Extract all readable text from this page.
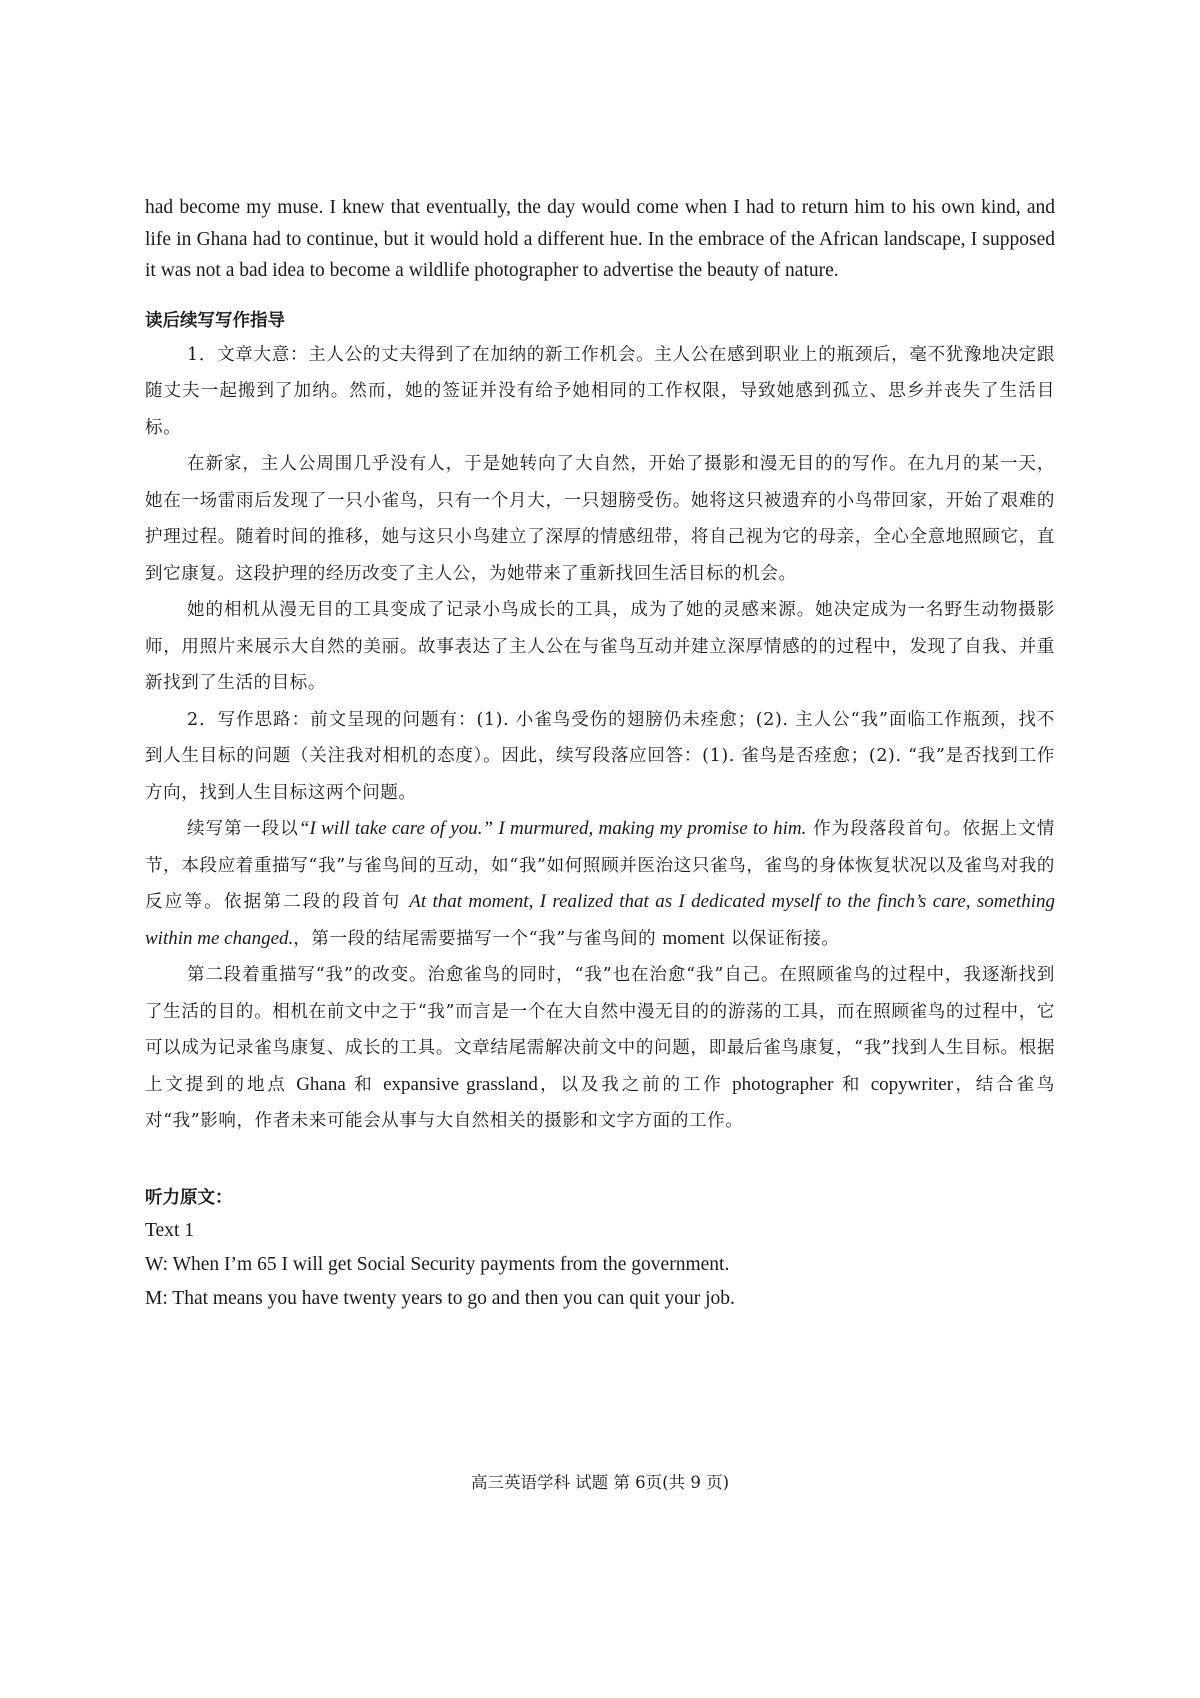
had become my muse. I knew that eventually, the day would come when I had to return him to his own kind, and life in Ghana had to continue, but it would hold a different hue. In the embrace of the African landscape, I supposed it was not a bad idea to become a wildlife photographer to advertise the beauty of nature.

读后续写写作指导

1．文章大意：主人公的丈夫得到了在加纳的新工作机会。主人公在感到职业上的瓶颈后，毫不犹豫地决定跟随丈夫一起搬到了加纳。然而，她的签证并没有给予她相同的工作权限，导致她感到孤立、思乡并丧失了生活目标。

在新家，主人公周围几乎没有人，于是她转向了大自然，开始了摄影和漫无目的的写作。在九月的某一天，她在一场雷雨后发现了一只小雀鸟，只有一个月大，一只翅膀受伤。她将这只被遗弃的小鸟带回家，开始了艰难的护理过程。随着时间的推移，她与这只小鸟建立了深厚的情感纽带，将自己视为它的母亲，全心全意地照顾它，直到它康复。这段护理的经历改变了主人公，为她带来了重新找回生活目标的机会。

她的相机从漫无目的工具变成了记录小鸟成长的工具，成为了她的灵感来源。她决定成为一名野生动物摄影师，用照片来展示大自然的美丽。故事表达了主人公在与雀鸟互动并建立深厚情感的的过程中，发现了自我、并重新找到了生活的目标。

2．写作思路：前文呈现的问题有：(1). 小雀鸟受伤的翅膀仍未痊愈；(2). 主人公“我”面临工作瓶颈，找不到人生目标的问题（关注我对相机的态度）。因此，续写段落应回答：(1). 雀鸟是否痊愈；(2). “我”是否找到工作方向，找到人生目标这两个问题。

续写第一段以“I will take care of you.” I murmured, making my promise to him. 作为段落段首句。依据上文情节，本段应着重描写“我”与雀鸟间的互动，如“我”如何照顾并医治这只雀鸟，雀鸟的身体恢复状况以及雀鸟对我的反应等。依据第二段的段首句 At that moment, I realized that as I dedicated myself to the finch’s care, something within me changed.，第一段的结尾需要描写一个“我”与雀鸟间的 moment 以保证衔接。

第二段着重描写“我”的改变。治愈雀鸟的同时，“我”也在治愈“我”自己。在照顾雀鸟的过程中，我逐渐找到了生活的目的。相机在前文中之于“我”而言是一个在大自然中漫无目的的游荡的工具，而在照顾雀鸟的过程中，它可以成为记录雀鸟康复、成长的工具。文章结尾需解决前文中的问题，即最后雀鸟康复，“我”找到人生目标。根据上文提到的地点 Ghana 和 expansive grassland，以及我之前的工作 photographer 和 copywriter，结合雀鸟对“我”影响，作者未来可能会从事与大自然相关的摄影和文字方面的工作。

听力原文：

Text 1

W: When I’m 65 I will get Social Security payments from the government.

M: That means you have twenty years to go and then you can quit your job.

高三英语学科 试题 第 6页(共 9 页)
